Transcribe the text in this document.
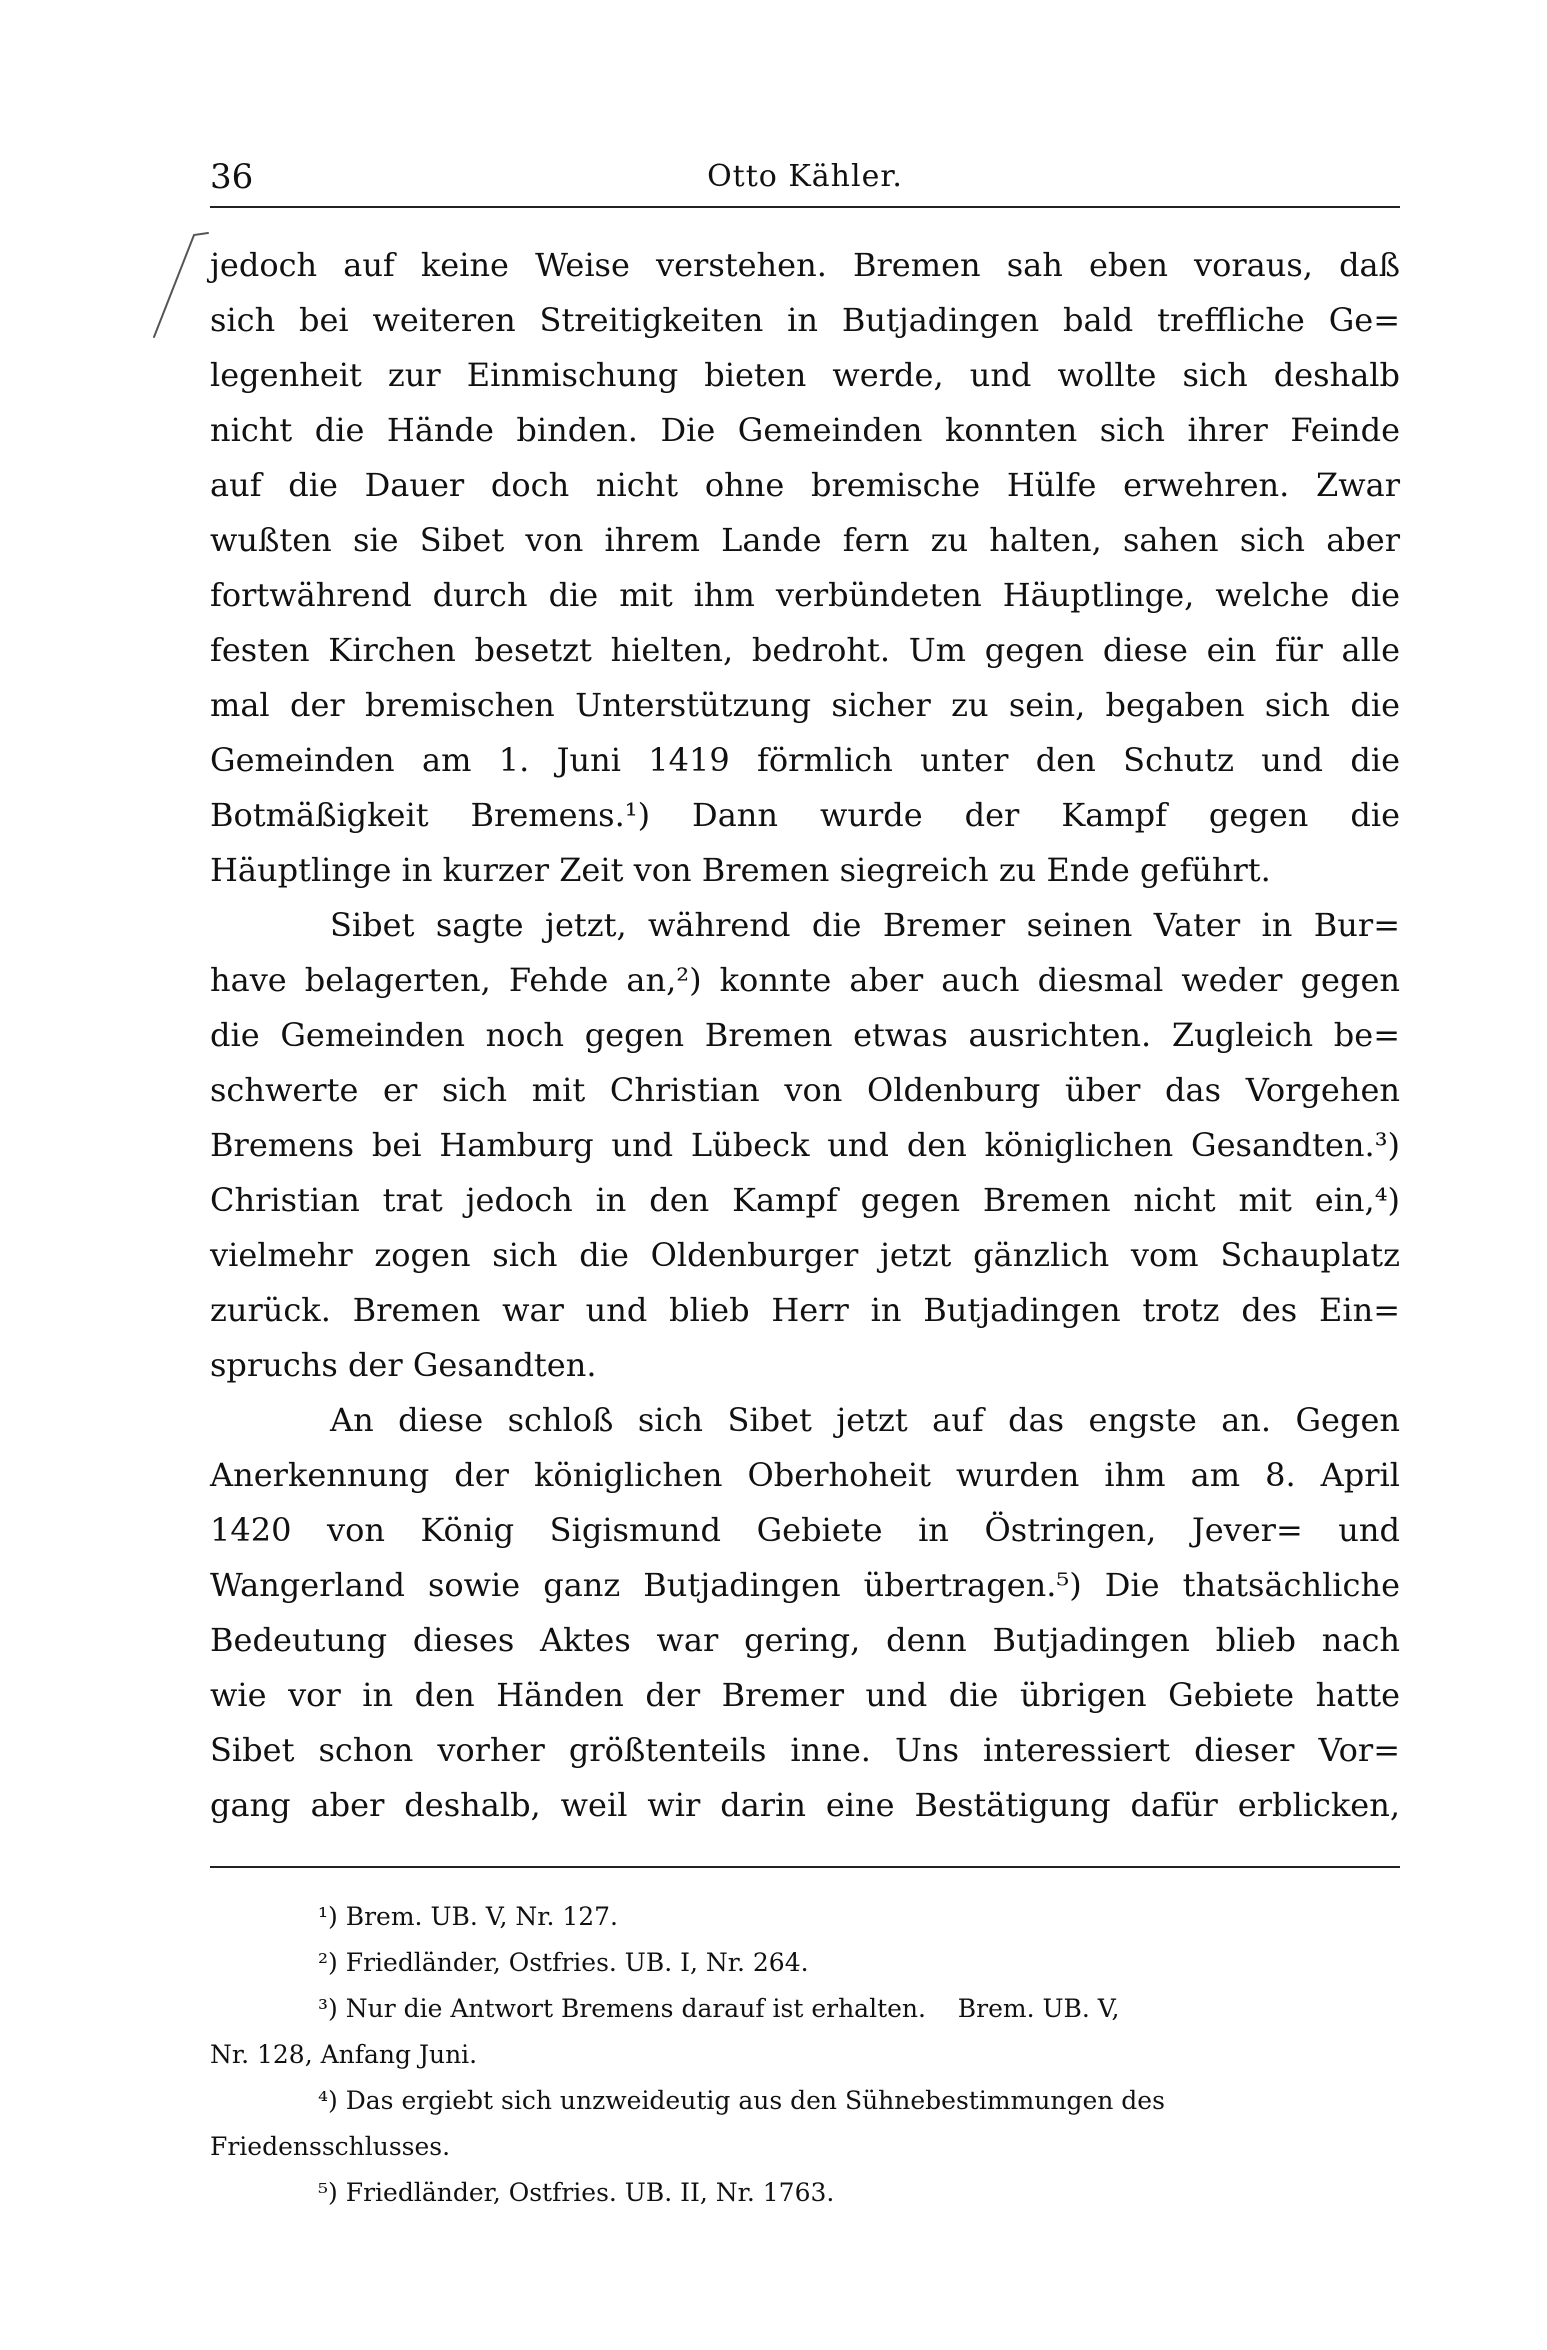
36	Otto Kähler.
jedoch auf keine Weise verstehen. Bremen sah eben voraus, daß
sich bei weiteren Streitigkeiten in Butjadingen bald treffliche Ge=
legenheit zur Einmischung bieten werde, und wollte sich deshalb
nicht die Hände binden. Die Gemeinden konnten sich ihrer Feinde
auf die Dauer doch nicht ohne bremische Hülfe erwehren. Zwar
wußten sie Sibet von ihrem Lande fern zu halten, sahen sich aber
fortwährend durch die mit ihm verbündeten Häuptlinge, welche die
festen Kirchen besetzt hielten, bedroht. Um gegen diese ein für alle
mal der bremischen Unterstützung sicher zu sein, begaben sich die
Gemeinden am 1. Juni 1419 förmlich unter den Schutz und die
Botmäßigkeit Bremens.¹) Dann wurde der Kampf gegen die
Häuptlinge in kurzer Zeit von Bremen siegreich zu Ende geführt.
Sibet sagte jetzt, während die Bremer seinen Vater in Bur=
have belagerten, Fehde an,²) konnte aber auch diesmal weder gegen
die Gemeinden noch gegen Bremen etwas ausrichten. Zugleich be=
schwerte er sich mit Christian von Oldenburg über das Vorgehen
Bremens bei Hamburg und Lübeck und den königlichen Gesandten.³)
Christian trat jedoch in den Kampf gegen Bremen nicht mit ein,⁴)
vielmehr zogen sich die Oldenburger jetzt gänzlich vom Schauplatz
zurück. Bremen war und blieb Herr in Butjadingen trotz des Ein=
spruchs der Gesandten.
An diese schloß sich Sibet jetzt auf das engste an. Gegen
Anerkennung der königlichen Oberhoheit wurden ihm am 8. April
1420 von König Sigismund Gebiete in Östringen, Jever= und
Wangerland sowie ganz Butjadingen übertragen.⁵) Die thatsächliche
Bedeutung dieses Aktes war gering, denn Butjadingen blieb nach
wie vor in den Händen der Bremer und die übrigen Gebiete hatte
Sibet schon vorher größtenteils inne. Uns interessiert dieser Vor=
gang aber deshalb, weil wir darin eine Bestätigung dafür erblicken,
¹) Brem. UB. V, Nr. 127.
²) Friedländer, Ostfries. UB. I, Nr. 264.
³) Nur die Antwort Bremens darauf ist erhalten.    Brem. UB. V,
Nr. 128, Anfang Juni.
⁴) Das ergiebt sich unzweideutig aus den Sühnebestimmungen des
Friedensschlusses.
⁵) Friedländer, Ostfries. UB. II, Nr. 1763.
